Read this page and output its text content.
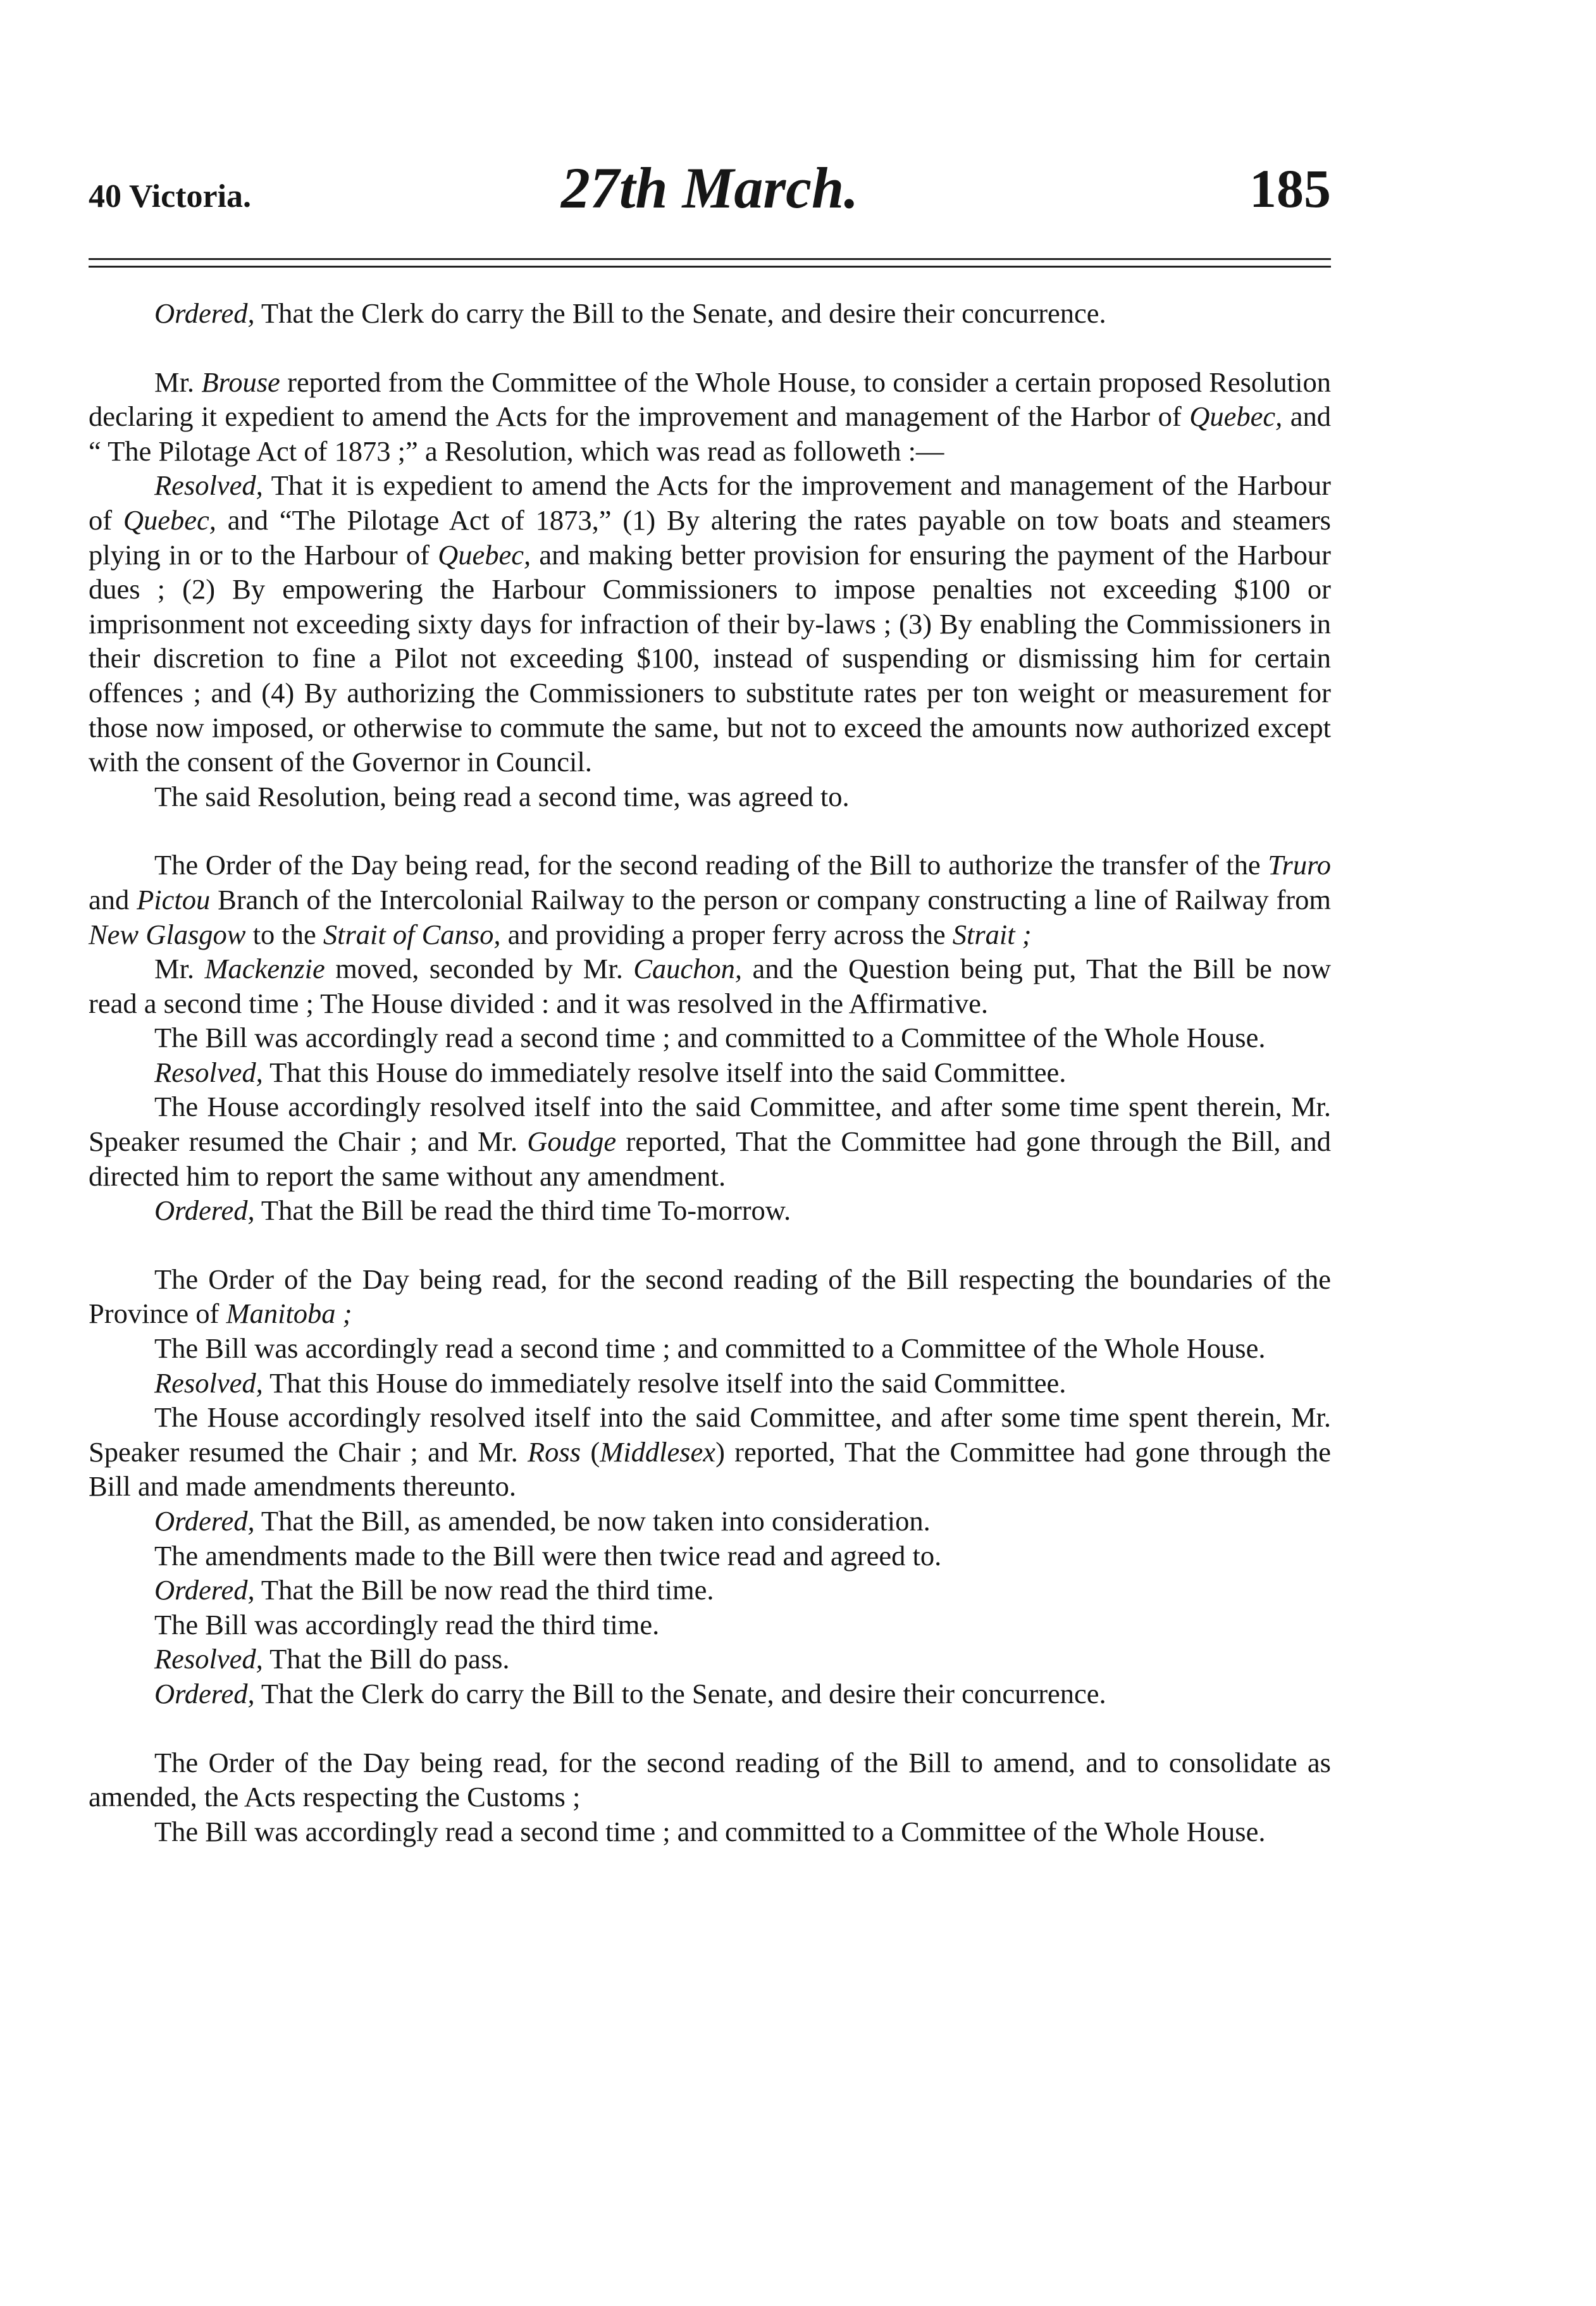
40 Victoria.	27th March.	185

Ordered, That the Clerk do carry the Bill to the Senate, and desire their concurrence.

Mr. Brouse reported from the Committee of the Whole House, to consider a certain proposed Resolution declaring it expedient to amend the Acts for the improvement and management of the Harbor of Quebec, and “ The Pilotage Act of 1873 ;” a Resolution, which was read as followeth :—

Resolved, That it is expedient to amend the Acts for the improvement and management of the Harbour of Quebec, and “The Pilotage Act of 1873,” (1) By altering the rates payable on tow boats and steamers plying in or to the Harbour of Quebec, and making better provision for ensuring the payment of the Harbour dues ; (2) By empowering the Harbour Commissioners to impose penalties not exceeding $100 or imprisonment not exceeding sixty days for infraction of their by-laws ; (3) By enabling the Commissioners in their discretion to fine a Pilot not exceeding $100, instead of suspending or dismissing him for certain offences ; and (4) By authorizing the Commissioners to substitute rates per ton weight or measurement for those now imposed, or otherwise to commute the same, but not to exceed the amounts now authorized except with the consent of the Governor in Council.

The said Resolution, being read a second time, was agreed to.

The Order of the Day being read, for the second reading of the Bill to authorize the transfer of the Truro and Pictou Branch of the Intercolonial Railway to the person or company constructing a line of Railway from New Glasgow to the Strait of Canso, and providing a proper ferry across the Strait ;

Mr. Mackenzie moved, seconded by Mr. Cauchon, and the Question being put, That the Bill be now read a second time ; The House divided : and it was resolved in the Affirmative.

The Bill was accordingly read a second time ; and committed to a Committee of the Whole House.

Resolved, That this House do immediately resolve itself into the said Committee.

The House accordingly resolved itself into the said Committee, and after some time spent therein, Mr. Speaker resumed the Chair ; and Mr. Goudge reported, That the Committee had gone through the Bill, and directed him to report the same without any amendment.

Ordered, That the Bill be read the third time To-morrow.

The Order of the Day being read, for the second reading of the Bill respecting the boundaries of the Province of Manitoba ;

The Bill was accordingly read a second time ; and committed to a Committee of the Whole House.

Resolved, That this House do immediately resolve itself into the said Committee.

The House accordingly resolved itself into the said Committee, and after some time spent therein, Mr. Speaker resumed the Chair ; and Mr. Ross (Middlesex) reported, That the Committee had gone through the Bill and made amendments thereunto.

Ordered, That the Bill, as amended, be now taken into consideration.

The amendments made to the Bill were then twice read and agreed to.

Ordered, That the Bill be now read the third time.

The Bill was accordingly read the third time.

Resolved, That the Bill do pass.

Ordered, That the Clerk do carry the Bill to the Senate, and desire their concurrence.

The Order of the Day being read, for the second reading of the Bill to amend, and to consolidate as amended, the Acts respecting the Customs ;

The Bill was accordingly read a second time ; and committed to a Committee of the Whole House.
